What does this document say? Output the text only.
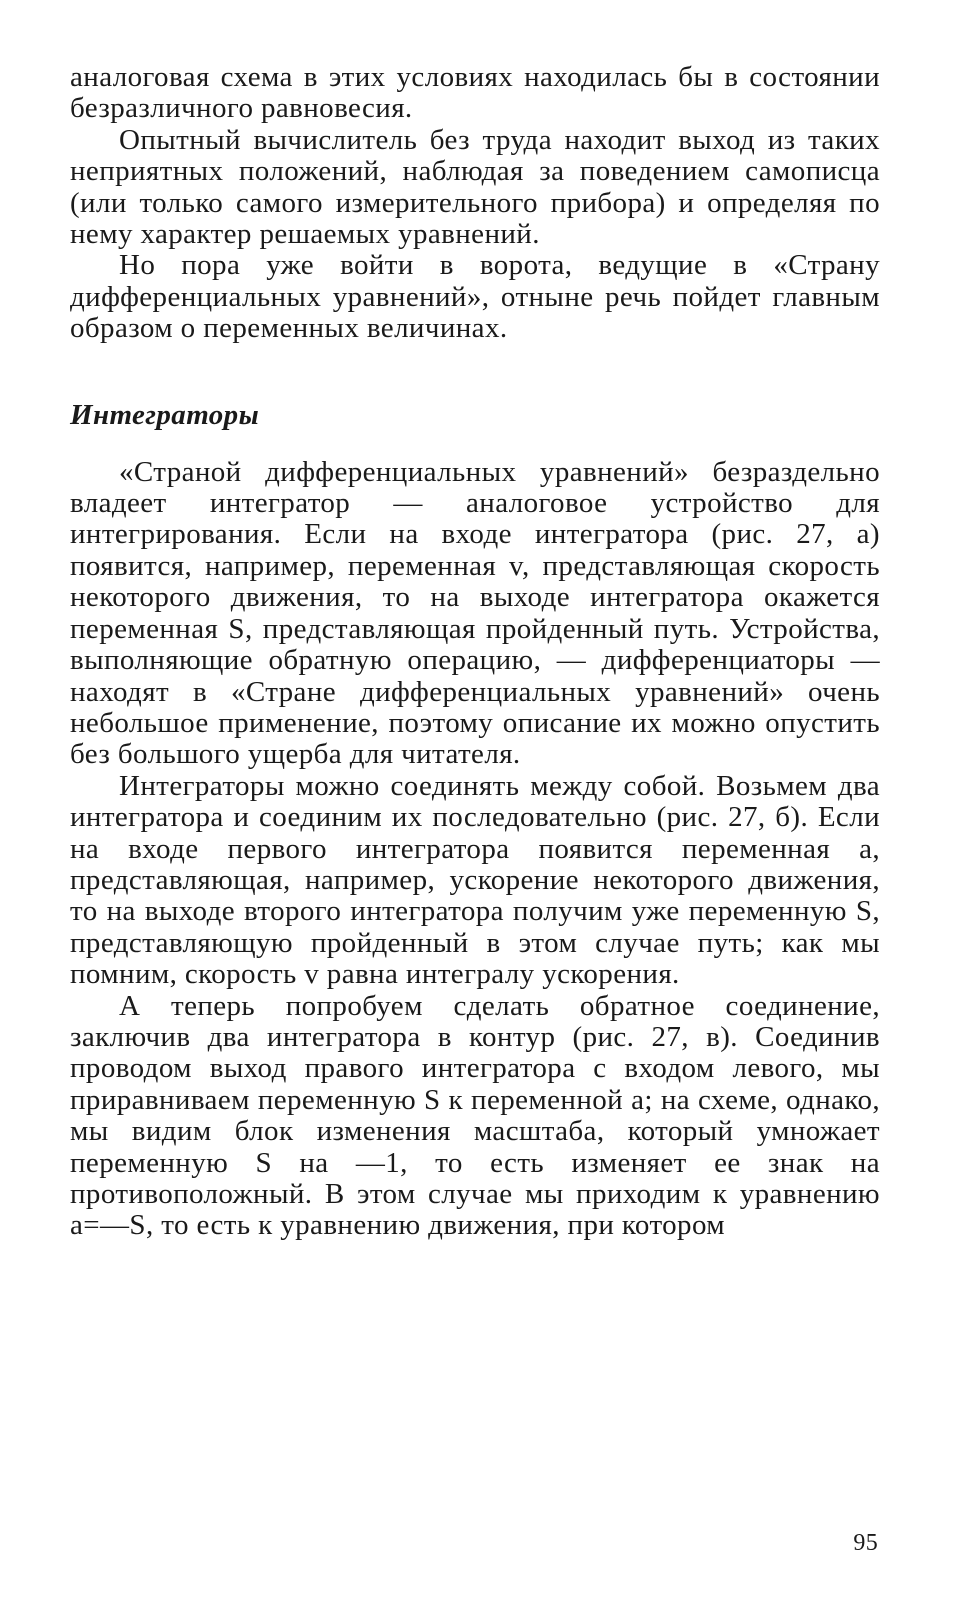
аналоговая схема в этих условиях находилась бы в состоянии безразличного равновесия.

Опытный вычислитель без труда находит выход из таких неприятных положений, наблюдая за поведением самописца (или только самого измерительного прибора) и определяя по нему характер решаемых уравнений.

Но пора уже войти в ворота, ведущие в «Страну дифференциальных уравнений», отныне речь пойдет главным образом о переменных величинах.

Интеграторы

«Страной дифференциальных уравнений» безраздельно владеет интегратор — аналоговое устройство для интегрирования. Если на входе интегратора (рис. 27, а) появится, например, переменная v, представляющая скорость некоторого движения, то на выходе интегратора окажется переменная S, представляющая пройденный путь. Устройства, выполняющие обратную операцию, — дифференциаторы — находят в «Стране дифференциальных уравнений» очень небольшое применение, поэтому описание их можно опустить без большого ущерба для читателя.

Интеграторы можно соединять между собой. Возьмем два интегратора и соединим их последовательно (рис. 27, б). Если на входе первого интегратора появится переменная а, представляющая, например, ускорение некоторого движения, то на выходе второго интегратора получим уже переменную S, представляющую пройденный в этом случае путь; как мы помним, скорость v равна интегралу ускорения.

А теперь попробуем сделать обратное соединение, заключив два интегратора в контур (рис. 27, в). Соединив проводом выход правого интегратора с входом левого, мы приравниваем переменную S к переменной а; на схеме, однако, мы видим блок изменения масштаба, который умножает переменную S на —1, то есть изменяет ее знак на противоположный. В этом случае мы приходим к уравнению а=—S, то есть к уравнению движения, при котором

95
